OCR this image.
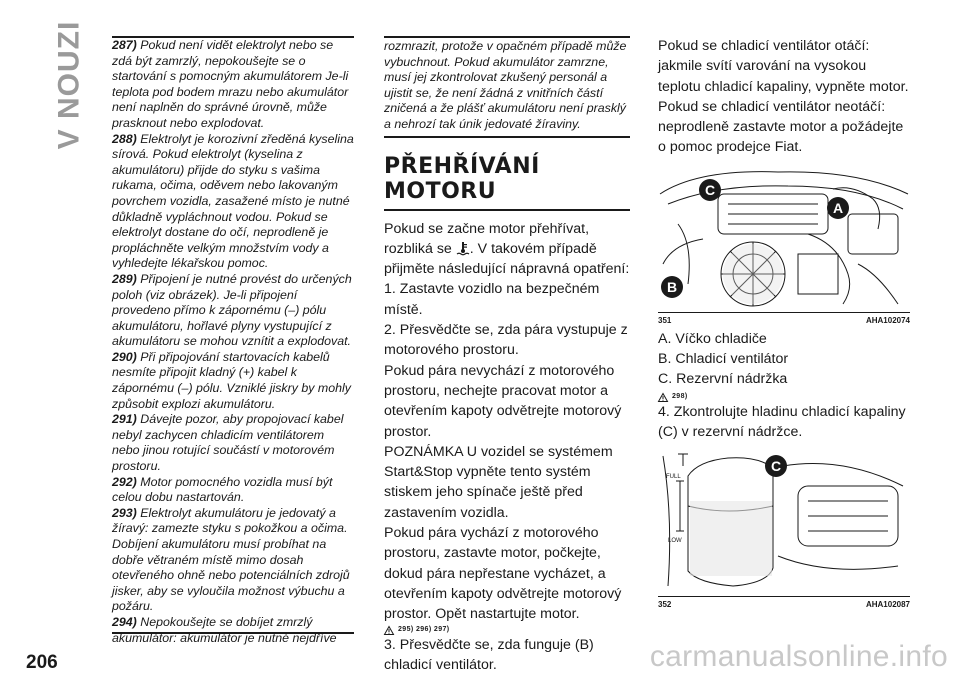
V NOUZI 287) Pokud není vidět elektrolyt nebo se zdá být zamrzlý, nepokoušejte se o startování s pomocným akumulátorem Je-li teplota pod bodem mrazu nebo akumulátor není naplněn do správné úrovně, může prasknout nebo explodovat.

288) Elektrolyt je korozivní zředěná kyselina sírová. Pokud elektrolyt (kyselina z akumulátoru) přijde do styku s vašima rukama, očima, oděvem nebo lakovaným povrchem vozidla, zasažené místo je nutné důkladně vypláchnout vodou. Pokud se elektrolyt dostane do očí, neprodleně je propláchněte velkým množstvím vody a vyhledejte lékařskou pomoc.

289) Připojení je nutné provést do určených poloh (viz obrázek). Je-li připojení provedeno přímo k zápornému (–) pólu akumulátoru, hořlavé plyny vystupující z akumulátoru se mohou vznítit a explodovat.

290) Při připojování startovacích kabelů nesmíte připojit kladný (+) kabel k zápornému (–) pólu. Vzniklé jiskry by mohly způsobit explozi akumulátoru.

291) Dávejte pozor, aby propojovací kabel nebyl zachycen chladicím ventilátorem nebo jinou rotující součástí v motorovém prostoru.

292) Motor pomocného vozidla musí být celou dobu nastartován.

293) Elektrolyt akumulátoru je jedovatý a žíravý: zamezte styku s pokožkou a očima. Dobíjení akumulátoru musí probíhat na dobře větraném místě mimo dosah otevřeného ohně nebo potenciálních zdrojů jisker, aby se vyloučila možnost výbuchu a požáru.

294) Nepokoušejte se dobíjet zmrzlý akumulátor: akumulátor je nutné nejdříve

rozmrazit, protože v opačném případě může vybuchnout. Pokud akumulátor zamrzne, musí jej zkontrolovat zkušený personál a ujistit se, že není žádná z vnitřních částí zničená a že plášť akumulátoru není prasklý a nehrozí tak únik jedovaté žíraviny.
PŘEHŘÍVÁNÍ MOTORU

Pokud se začne motor přehřívat, rozbliká se . V takovém případě přijměte následující nápravná opatření:

1. Zastavte vozidlo na bezpečném místě.

2. Přesvědčte se, zda pára vystupuje z motorového prostoru.

Pokud pára nevychází z motorového prostoru, nechejte pracovat motor a otevřením kapoty odvětrejte motorový prostor.

POZNÁMKA U vozidel se systémem Start&Stop vypněte tento systém stiskem jeho spínače ještě před zastavením vozidla.

Pokud pára vychází z motorového prostoru, zastavte motor, počkejte, dokud pára nepřestane vycházet, a otevřením kapoty odvětrejte motorový prostor. Opět nastartujte motor.

295) 296) 297)

3. Přesvědčte se, zda funguje (B) chladicí ventilátor.

Pokud se chladicí ventilátor otáčí: jakmile svítí varování na vysokou teplotu chladicí kapaliny, vypněte motor.

Pokud se chladicí ventilátor neotáčí: neprodleně zastavte motor a požádejte o pomoc prodejce Fiat.

C
A
B
351	AHA102074

A. Víčko chladiče

B. Chladicí ventilátor

C. Rezervní nádržka

298)

4. Zkontrolujte hladinu chladicí kapaliny (C) v rezervní nádržce.

FULL
LOW
C
352	AHA102087
206	carmanualsonline.info
